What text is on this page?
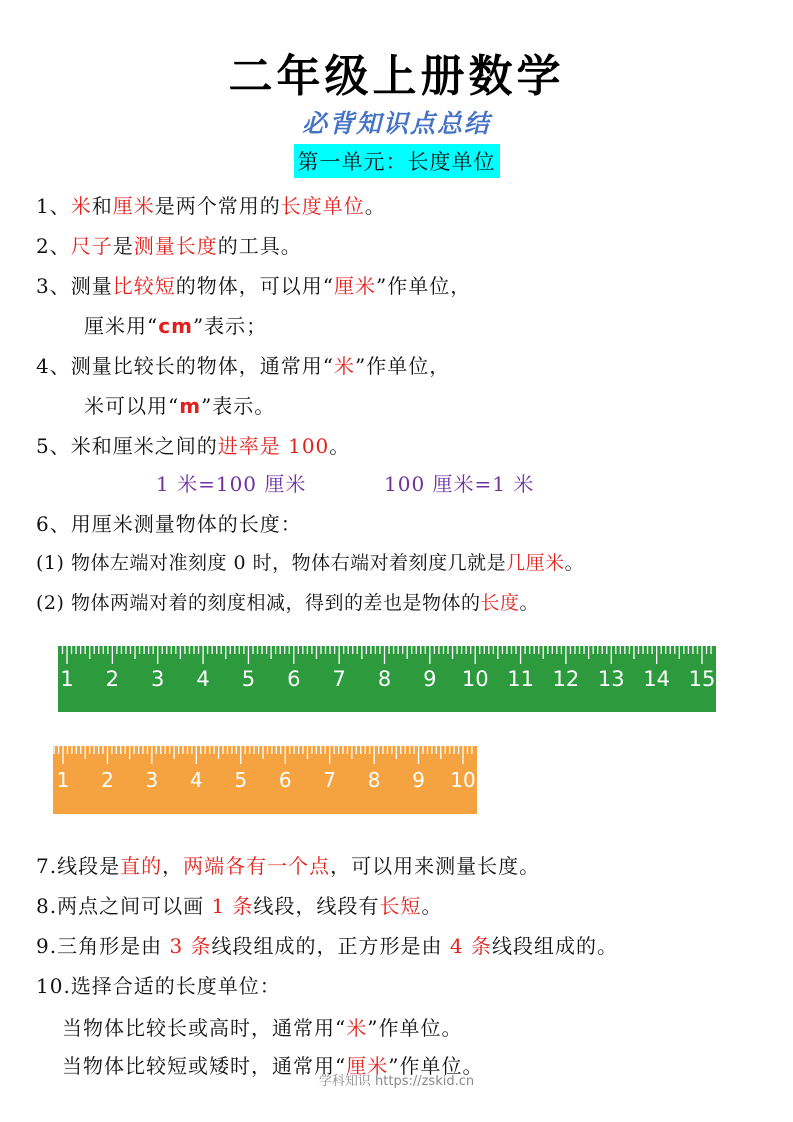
二年级上册数学
必背知识点总结
第一单元：长度单位
1、米和厘米是两个常用的长度单位。
2、尺子是测量长度的工具。
3、测量比较短的物体，可以用“厘米”作单位，
厘米用“cm”表示；
4、测量比较长的物体，通常用“米”作单位，
米可以用“m”表示。
5、米和厘米之间的进率是 100。
1 米=100 厘米	100 厘米=1 米
6、用厘米测量物体的长度：
(1) 物体左端对准刻度 0 时，物体右端对着刻度几就是几厘米。
(2) 物体两端对着的刻度相减，得到的差也是物体的长度。
1 2 3 4 5 6 7 8 9 10 11 12 13 14 15
1 2 3 4 5 6 7 8 9 10
7.线段是直的，两端各有一个点，可以用来测量长度。
8.两点之间可以画 1 条线段，线段有长短。
9.三角形是由 3 条线段组成的，正方形是由 4 条线段组成的。
10.选择合适的长度单位：
当物体比较长或高时，通常用“米”作单位。
当物体比较短或矮时，通常用“厘米”作单位。
学科知识 https://zskid.cn
